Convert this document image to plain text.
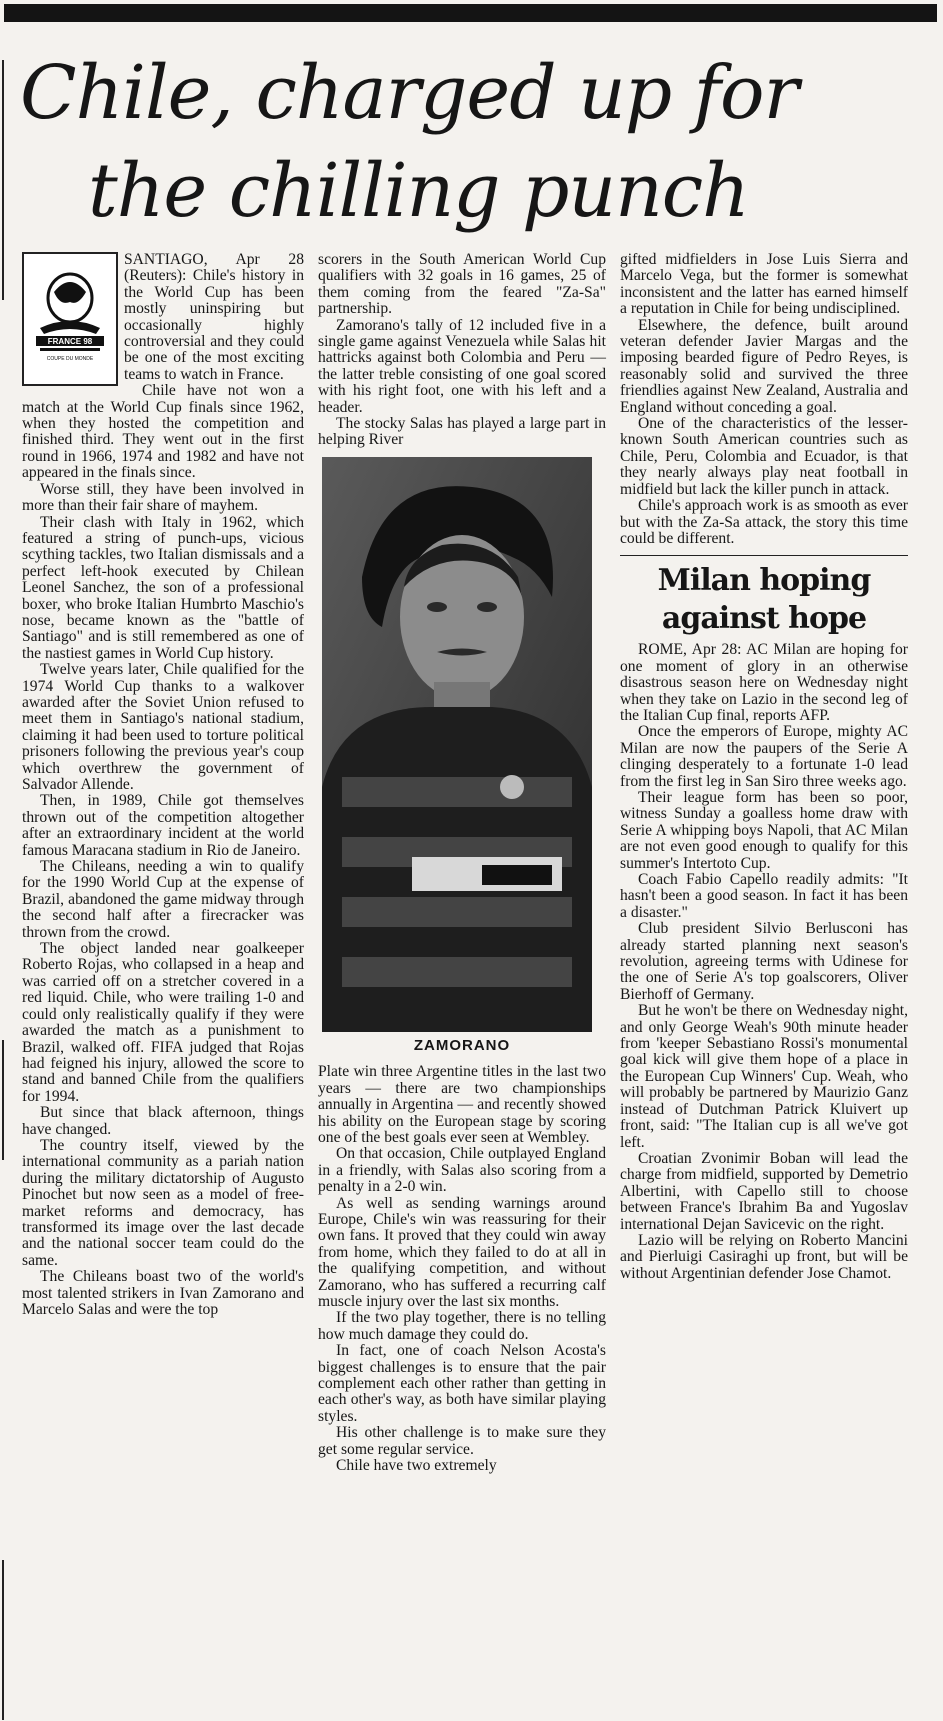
Chile, charged up for
the chilling punch
FRANCE 98
COUPE DU MONDE

SANTIAGO, Apr 28 (Reuters): Chile's history in the World Cup has been mostly uninspiring but occasionally highly controversial and they could be one of the most exciting teams to watch in France.

Chile have not won a match at the World Cup finals since 1962, when they hosted the competition and finished third. They went out in the first round in 1966, 1974 and 1982 and have not appeared in the finals since.

Worse still, they have been involved in more than their fair share of mayhem.

Their clash with Italy in 1962, which featured a string of punch-ups, vicious scything tackles, two Italian dismissals and a perfect left-hook executed by Chilean Leonel Sanchez, the son of a professional boxer, who broke Italian Humbrto Maschio's nose, became known as the "battle of Santiago" and is still remembered as one of the nastiest games in World Cup history.

Twelve years later, Chile qualified for the 1974 World Cup thanks to a walkover awarded after the Soviet Union refused to meet them in Santiago's national stadium, claiming it had been used to torture political prisoners following the previous year's coup which overthrew the government of Salvador Allende.

Then, in 1989, Chile got themselves thrown out of the competition altogether after an extraordinary incident at the world famous Maracana stadium in Rio de Janeiro.

The Chileans, needing a win to qualify for the 1990 World Cup at the expense of Brazil, abandoned the game midway through the second half after a firecracker was thrown from the crowd.

The object landed near goalkeeper Roberto Rojas, who collapsed in a heap and was carried off on a stretcher covered in a red liquid. Chile, who were trailing 1-0 and could only realistically qualify if they were awarded the match as a punishment to Brazil, walked off. FIFA judged that Rojas had feigned his injury, allowed the score to stand and banned Chile from the qualifiers for 1994.

But since that black afternoon, things have changed.

The country itself, viewed by the international community as a pariah nation during the military dictatorship of Augusto Pinochet but now seen as a model of free-market reforms and democracy, has transformed its image over the last decade and the national soccer team could do the same.

The Chileans boast two of the world's most talented strikers in Ivan Zamorano and Marcelo Salas and were the top

scorers in the South American World Cup qualifiers with 32 goals in 16 games, 25 of them coming from the feared "Za-Sa" partnership.

Zamorano's tally of 12 included five in a single game against Venezuela while Salas hit hattricks against both Colombia and Peru — the latter treble consisting of one goal scored with his right foot, one with his left and a header.

The stocky Salas has played a large part in helping River

ZAMORANO

Plate win three Argentine titles in the last two years — there are two championships annually in Argentina — and recently showed his ability on the European stage by scoring one of the best goals ever seen at Wembley.

On that occasion, Chile outplayed England in a friendly, with Salas also scoring from a penalty in a 2-0 win.

As well as sending warnings around Europe, Chile's win was reassuring for their own fans. It proved that they could win away from home, which they failed to do at all in the qualifying competition, and without Zamorano, who has suffered a recurring calf muscle injury over the last six months.

If the two play together, there is no telling how much damage they could do.

In fact, one of coach Nelson Acosta's biggest challenges is to ensure that the pair complement each other rather than getting in each other's way, as both have similar playing styles.

His other challenge is to make sure they get some regular service.

Chile have two extremely

gifted midfielders in Jose Luis Sierra and Marcelo Vega, but the former is somewhat inconsistent and the latter has earned himself a reputation in Chile for being undisciplined.

Elsewhere, the defence, built around veteran defender Javier Margas and the imposing bearded figure of Pedro Reyes, is reasonably solid and survived the three friendlies against New Zealand, Australia and England without conceding a goal.

One of the characteristics of the lesser-known South American countries such as Chile, Peru, Colombia and Ecuador, is that they nearly always play neat football in midfield but lack the killer punch in attack.

Chile's approach work is as smooth as ever but with the Za-Sa attack, the story this time could be different.

Milan hoping
against hope

ROME, Apr 28: AC Milan are hoping for one moment of glory in an otherwise disastrous season here on Wednesday night when they take on Lazio in the second leg of the Italian Cup final, reports AFP.

Once the emperors of Europe, mighty AC Milan are now the paupers of the Serie A clinging desperately to a fortunate 1-0 lead from the first leg in San Siro three weeks ago.

Their league form has been so poor, witness Sunday a goalless home draw with Serie A whipping boys Napoli, that AC Milan are not even good enough to qualify for this summer's Intertoto Cup.

Coach Fabio Capello readily admits: "It hasn't been a good season. In fact it has been a disaster."

Club president Silvio Berlusconi has already started planning next season's revolution, agreeing terms with Udinese for the one of Serie A's top goalscorers, Oliver Bierhoff of Germany.

But he won't be there on Wednesday night, and only George Weah's 90th minute header from 'keeper Sebastiano Rossi's monumental goal kick will give them hope of a place in the European Cup Winners' Cup. Weah, who will probably be partnered by Maurizio Ganz instead of Dutchman Patrick Kluivert up front, said: "The Italian cup is all we've got left.

Croatian Zvonimir Boban will lead the charge from midfield, supported by Demetrio Albertini, with Capello still to choose between France's Ibrahim Ba and Yugoslav international Dejan Savicevic on the right.

Lazio will be relying on Roberto Mancini and Pierluigi Casiraghi up front, but will be without Argentinian defender Jose Chamot.
